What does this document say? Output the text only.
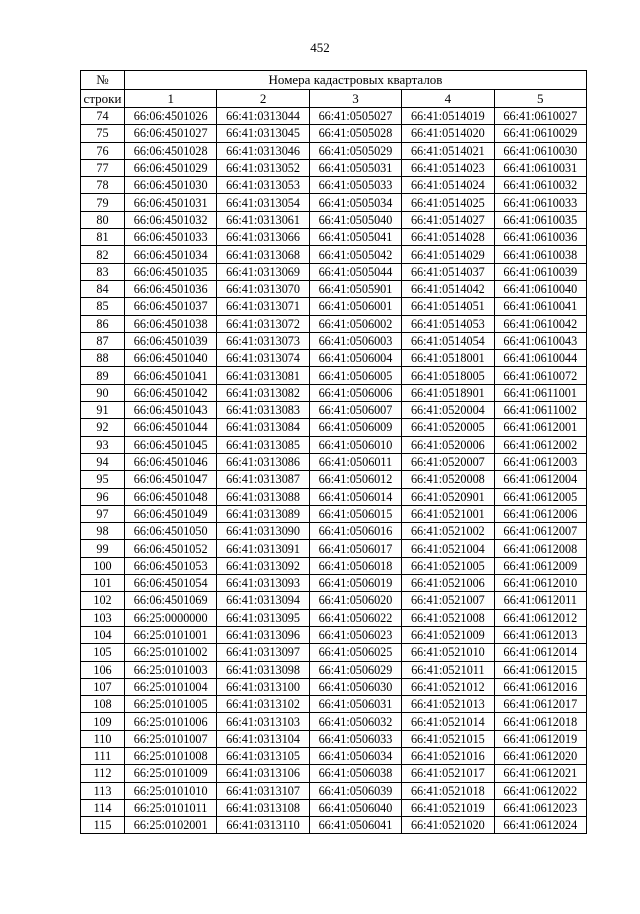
452
№	Номера кадастровых кварталов				
строки	1	2	3	4	5
74	66:06:4501026	66:41:0313044	66:41:0505027	66:41:0514019	66:41:0610027
75	66:06:4501027	66:41:0313045	66:41:0505028	66:41:0514020	66:41:0610029
76	66:06:4501028	66:41:0313046	66:41:0505029	66:41:0514021	66:41:0610030
77	66:06:4501029	66:41:0313052	66:41:0505031	66:41:0514023	66:41:0610031
78	66:06:4501030	66:41:0313053	66:41:0505033	66:41:0514024	66:41:0610032
79	66:06:4501031	66:41:0313054	66:41:0505034	66:41:0514025	66:41:0610033
80	66:06:4501032	66:41:0313061	66:41:0505040	66:41:0514027	66:41:0610035
81	66:06:4501033	66:41:0313066	66:41:0505041	66:41:0514028	66:41:0610036
82	66:06:4501034	66:41:0313068	66:41:0505042	66:41:0514029	66:41:0610038
83	66:06:4501035	66:41:0313069	66:41:0505044	66:41:0514037	66:41:0610039
84	66:06:4501036	66:41:0313070	66:41:0505901	66:41:0514042	66:41:0610040
85	66:06:4501037	66:41:0313071	66:41:0506001	66:41:0514051	66:41:0610041
86	66:06:4501038	66:41:0313072	66:41:0506002	66:41:0514053	66:41:0610042
87	66:06:4501039	66:41:0313073	66:41:0506003	66:41:0514054	66:41:0610043
88	66:06:4501040	66:41:0313074	66:41:0506004	66:41:0518001	66:41:0610044
89	66:06:4501041	66:41:0313081	66:41:0506005	66:41:0518005	66:41:0610072
90	66:06:4501042	66:41:0313082	66:41:0506006	66:41:0518901	66:41:0611001
91	66:06:4501043	66:41:0313083	66:41:0506007	66:41:0520004	66:41:0611002
92	66:06:4501044	66:41:0313084	66:41:0506009	66:41:0520005	66:41:0612001
93	66:06:4501045	66:41:0313085	66:41:0506010	66:41:0520006	66:41:0612002
94	66:06:4501046	66:41:0313086	66:41:0506011	66:41:0520007	66:41:0612003
95	66:06:4501047	66:41:0313087	66:41:0506012	66:41:0520008	66:41:0612004
96	66:06:4501048	66:41:0313088	66:41:0506014	66:41:0520901	66:41:0612005
97	66:06:4501049	66:41:0313089	66:41:0506015	66:41:0521001	66:41:0612006
98	66:06:4501050	66:41:0313090	66:41:0506016	66:41:0521002	66:41:0612007
99	66:06:4501052	66:41:0313091	66:41:0506017	66:41:0521004	66:41:0612008
100	66:06:4501053	66:41:0313092	66:41:0506018	66:41:0521005	66:41:0612009
101	66:06:4501054	66:41:0313093	66:41:0506019	66:41:0521006	66:41:0612010
102	66:06:4501069	66:41:0313094	66:41:0506020	66:41:0521007	66:41:0612011
103	66:25:0000000	66:41:0313095	66:41:0506022	66:41:0521008	66:41:0612012
104	66:25:0101001	66:41:0313096	66:41:0506023	66:41:0521009	66:41:0612013
105	66:25:0101002	66:41:0313097	66:41:0506025	66:41:0521010	66:41:0612014
106	66:25:0101003	66:41:0313098	66:41:0506029	66:41:0521011	66:41:0612015
107	66:25:0101004	66:41:0313100	66:41:0506030	66:41:0521012	66:41:0612016
108	66:25:0101005	66:41:0313102	66:41:0506031	66:41:0521013	66:41:0612017
109	66:25:0101006	66:41:0313103	66:41:0506032	66:41:0521014	66:41:0612018
110	66:25:0101007	66:41:0313104	66:41:0506033	66:41:0521015	66:41:0612019
111	66:25:0101008	66:41:0313105	66:41:0506034	66:41:0521016	66:41:0612020
112	66:25:0101009	66:41:0313106	66:41:0506038	66:41:0521017	66:41:0612021
113	66:25:0101010	66:41:0313107	66:41:0506039	66:41:0521018	66:41:0612022
114	66:25:0101011	66:41:0313108	66:41:0506040	66:41:0521019	66:41:0612023
115	66:25:0102001	66:41:0313110	66:41:0506041	66:41:0521020	66:41:0612024
